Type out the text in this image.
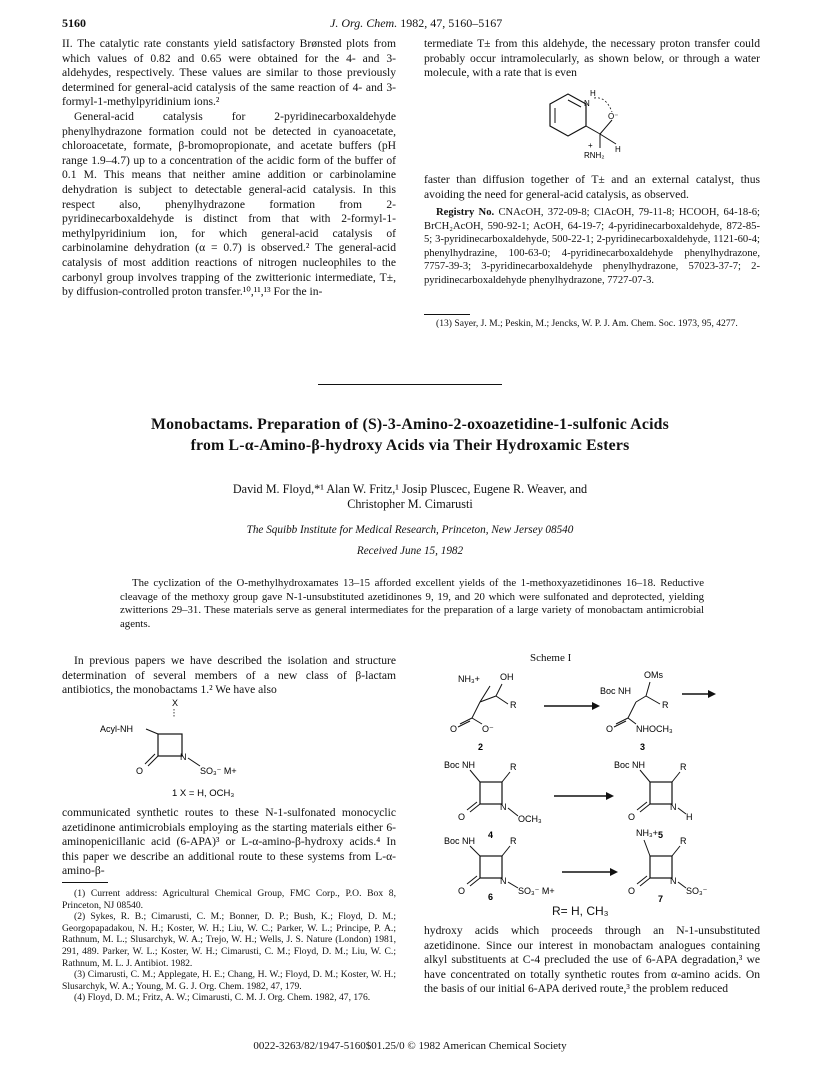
5160	J. Org. Chem. 1982, 47, 5160–5167

II. The catalytic rate constants yield satisfactory Brønsted plots from which values of 0.82 and 0.65 were obtained for the 4- and 3-aldehydes, respectively. These values are similar to those previously determined for general-acid catalysis of the same reaction of 4- and 3-formyl-1-methylpyridinium ions.²

General-acid catalysis for 2-pyridinecarboxaldehyde phenylhydrazone formation could not be detected in cyanoacetate, chloroacetate, formate, β-bromopropionate, and acetate buffers (pH range 1.9–4.7) up to a concentration of the acidic form of the buffer of 0.1 M. This means that neither amine addition or carbinolamine dehydration is subject to detectable general-acid catalysis. In this respect also, phenylhydrazone formation from 2-pyridinecarboxaldehyde is distinct from that with 2-formyl-1-methylpyridinium ion, for which general-acid catalysis of carbinolamine dehydration (α = 0.7) is observed.² The general-acid catalysis of most addition reactions of nitrogen nucleophiles to the carbonyl group involves trapping of the zwitterionic intermediate, T±, by diffusion-controlled proton transfer.¹⁰,¹¹,¹³ For the in-

termediate T± from this aldehyde, the necessary proton transfer could probably occur intramolecularly, as shown below, or through a water molecule, with a rate that is even

N
H
O⁻
RNH₂
+	H

faster than diffusion together of T± and an external catalyst, thus avoiding the need for general-acid catalysis, as observed.

Registry No. CNAcOH, 372-09-8; ClAcOH, 79-11-8; HCOOH, 64-18-6; BrCH₂AcOH, 590-92-1; AcOH, 64-19-7; 4-pyridinecarboxaldehyde, 872-85-5; 3-pyridinecarboxaldehyde, 500-22-1; 2-pyridinecarboxaldehyde, 1121-60-4; phenylhydrazine, 100-63-0; 4-pyridinecarboxaldehyde phenylhydrazone, 7757-39-3; 3-pyridinecarboxaldehyde phenylhydrazone, 57023-37-7; 2-pyridinecarboxaldehyde phenylhydrazone, 7727-07-3.

(13) Sayer, J. M.; Peskin, M.; Jencks, W. P. J. Am. Chem. Soc. 1973, 95, 4277.

Monobactams. Preparation of (S)-3-Amino-2-oxoazetidine-1-sulfonic Acids
from L-α-Amino-β-hydroxy Acids via Their Hydroxamic Esters
David M. Floyd,*¹ Alan W. Fritz,¹ Josip Pluscec, Eugene R. Weaver, and
Christopher M. Cimarusti
The Squibb Institute for Medical Research, Princeton, New Jersey 08540
Received June 15, 1982
The cyclization of the O-methylhydroxamates 13–15 afforded excellent yields of the 1-methoxyazetidinones 16–18. Reductive cleavage of the methoxy group gave N-1-unsubstituted azetidinones 9, 19, and 20 which were sulfonated and deprotected, yielding zwitterions 29–31. These materials serve as general intermediates for the preparation of a large variety of monobactam antimicrobial agents.

In previous papers we have described the isolation and structure determination of several members of a new class of β-lactam antibiotics, the monobactams 1.² We have also

X
Acyl-NH
O
N
SO₃⁻ M+
1 X = H, OCH₃

communicated synthetic routes to these N-1-sulfonated monocyclic azetidinone antimicrobials employing as the starting materials either 6-aminopenicillanic acid (6-APA)³ or L-α-amino-β-hydroxy acids.⁴ In this paper we describe an additional route to these systems from L-α-amino-β-

(1) Current address: Agricultural Chemical Group, FMC Corp., P.O. Box 8, Princeton, NJ 08540.

(2) Sykes, R. B.; Cimarusti, C. M.; Bonner, D. P.; Bush, K.; Floyd, D. M.; Georgopapadakou, N. H.; Koster, W. H.; Liu, W. C.; Parker, W. L.; Principe, P. A.; Rathnum, M. L.; Slusarchyk, W. A.; Trejo, W. H.; Wells, J. S. Nature (London) 1981, 291, 489. Parker, W. L.; Koster, W. H.; Cimarusti, C. M.; Floyd, D. M.; Liu, W. C.; Rathnum, M. L. J. Antibiot. 1982.

(3) Cimarusti, C. M.; Applegate, H. E.; Chang, H. W.; Floyd, D. M.; Koster, W. H.; Slusarchyk, W. A.; Young, M. G. J. Org. Chem. 1982, 47, 179.

(4) Floyd, D. M.; Fritz, A. W.; Cimarusti, C. M. J. Org. Chem. 1982, 47, 176.

Scheme I
NH₃+ OH
R
O	O⁻
2
OMs
Boc NH
R
O	NHOCH₃
3
Boc NH	R
O
N
OCH₃
4
Boc NH	R
O
N
H
5
Boc NH	R
O
N
SO₃⁻ M+
6
NH₃+
R
O
N
SO₃⁻
7
R= H, CH₃

hydroxy acids which proceeds through an N-1-unsubstituted azetidinone. Since our interest in monobactam analogues containing alkyl substituents at C-4 precluded the use of 6-APA degradation,³ we have concentrated on totally synthetic routes from α-amino acids. On the basis of our initial 6-APA derived route,³ the problem reduced

0022-3263/82/1947-5160$01.25/0 © 1982 American Chemical Society
